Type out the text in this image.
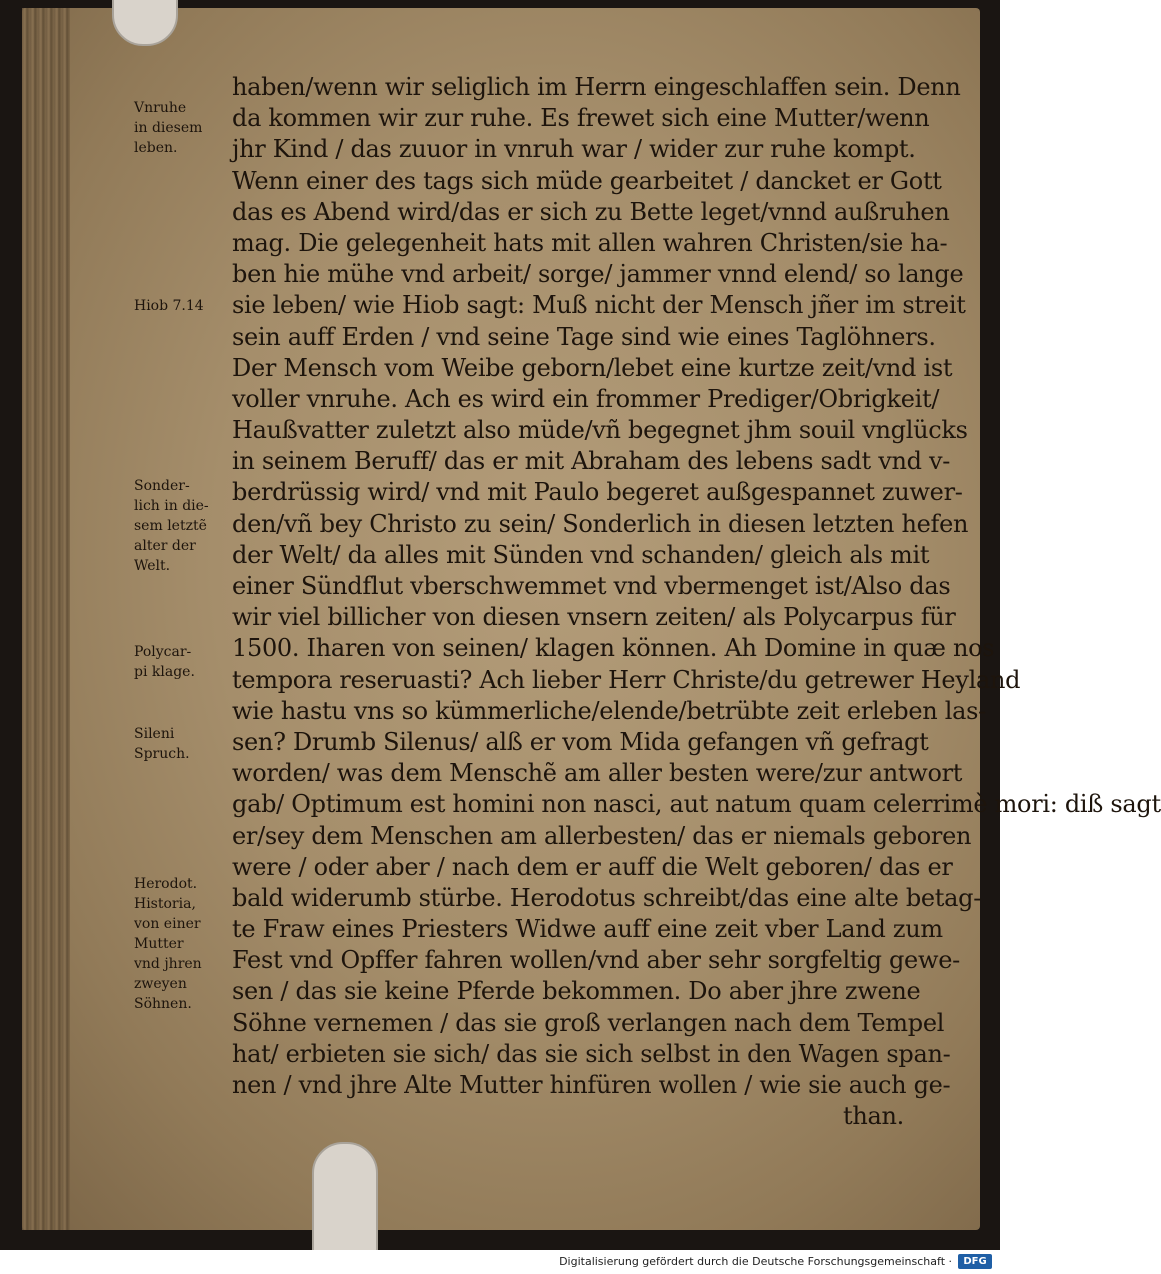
Vnruhe
in diesem
leben.
Hiob 7.14
Sonder-
lich in die-
sem letztẽ
alter der
Welt.
Polycar-
pi klage.
Sileni
Spruch.
Herodot.
Historia,
von einer
Mutter
vnd jhren
zweyen
Söhnen.
haben/wenn wir seliglich im Herrn eingeschlaffen sein. Denn
da kommen wir zur ruhe. Es frewet sich eine Mutter/wenn
jhr Kind / das zuuor in vnruh war / wider zur ruhe kompt.
Wenn einer des tags sich müde gearbeitet / dancket er Gott
das es Abend wird/das er sich zu Bette leget/vnnd außruhen
mag. Die gelegenheit hats mit allen wahren Christen/sie ha-
ben hie mühe vnd arbeit/ sorge/ jammer vnnd elend/ so lange
sie leben/ wie Hiob sagt: Muß nicht der Mensch jñer im streit
sein auff Erden / vnd seine Tage sind wie eines Taglöhners.
Der Mensch vom Weibe geborn/lebet eine kurtze zeit/vnd ist
voller vnruhe. Ach es wird ein frommer Prediger/Obrigkeit/
Haußvatter zuletzt also müde/vñ begegnet jhm souil vnglücks
in seinem Beruff/ das er mit Abraham des lebens sadt vnd v-
berdrüssig wird/ vnd mit Paulo begeret außgespannet zuwer-
den/vñ bey Christo zu sein/ Sonderlich in diesen letzten hefen
der Welt/ da alles mit Sünden vnd schanden/ gleich als mit
einer Sündflut vberschwemmet vnd vbermenget ist/Also das
wir viel billicher von diesen vnsern zeiten/ als Polycarpus für
1500. Iharen von seinen/ klagen können. Ah Domine in quæ nos
tempora reseruasti? Ach lieber Herr Christe/du getrewer Heyland
wie hastu vns so kümmerliche/elende/betrübte zeit erleben las-
sen? Drumb Silenus/ alß er vom Mida gefangen vñ gefragt
worden/ was dem Menschẽ am aller besten were/zur antwort
gab/ Optimum est homini non nasci, aut natum quam celerrimè mori: diß sagt
er/sey dem Menschen am allerbesten/ das er niemals geboren
were / oder aber / nach dem er auff die Welt geboren/ das er
bald widerumb stürbe. Herodotus schreibt/das eine alte betag-
te Fraw eines Priesters Widwe auff eine zeit vber Land zum
Fest vnd Opffer fahren wollen/vnd aber sehr sorgfeltig gewe-
sen / das sie keine Pferde bekommen. Do aber jhre zwene
Söhne vernemen / das sie groß verlangen nach dem Tempel
hat/ erbieten sie sich/ das sie sich selbst in den Wagen span-
nen / vnd jhre Alte Mutter hinfüren wollen / wie sie auch ge-
than.
Digitalisierung gefördert durch die Deutsche Forschungsgemeinschaft ·	DFG
